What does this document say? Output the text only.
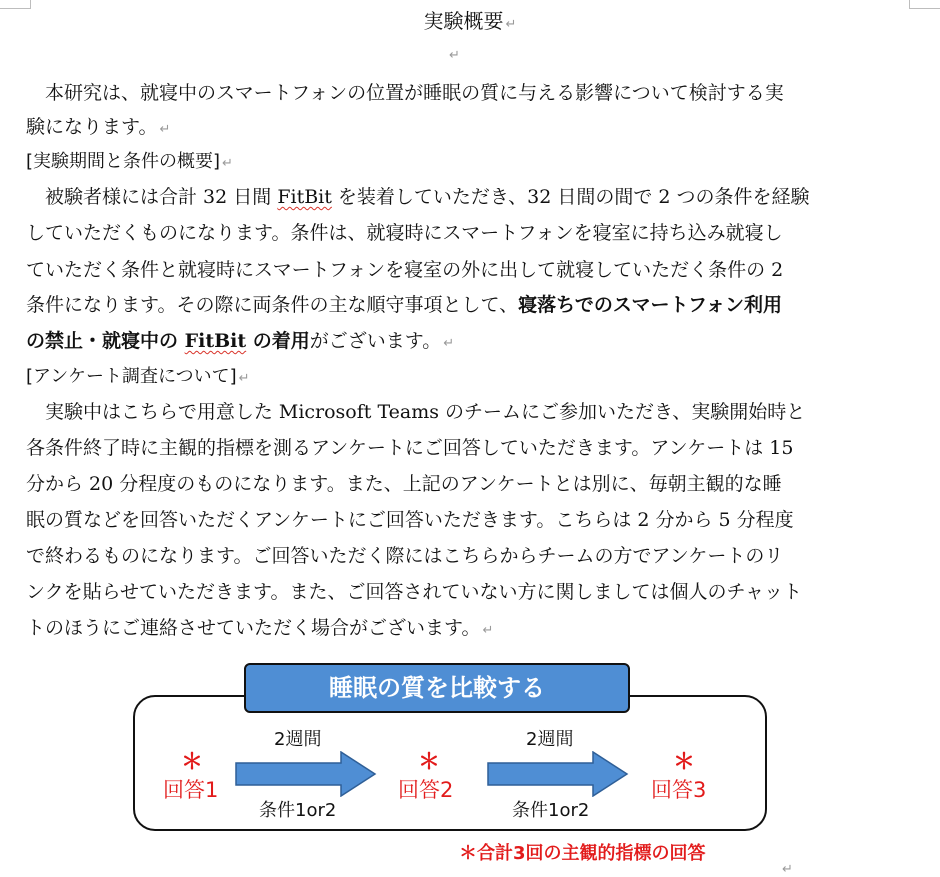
実験概要 ↵
↵
　本研究は、就寝中のスマートフォンの位置が睡眠の質に与える影響について検討する実
験になります。 ↵
[実験期間と条件の概要] ↵
　被験者様には合計 32 日間 FitBit を装着していただき、32 日間の間で 2 つの条件を経験
していただくものになります。条件は、就寝時にスマートフォンを寝室に持ち込み就寝し
ていただく条件と就寝時にスマートフォンを寝室の外に出して就寝していただく条件の 2
条件になります。その際に両条件の主な順守事項として、寝落ちでのスマートフォン利用
の禁止・就寝中の FitBit の着用がございます。 ↵
[アンケート調査について] ↵
　実験中はこちらで用意した Microsoft Teams のチームにご参加いただき、実験開始時と
各条件終了時に主観的指標を測るアンケートにご回答していただきます。アンケートは 15
分から 20 分程度のものになります。また、上記のアンケートとは別に、毎朝主観的な睡
眠の質などを回答いただくアンケートにご回答いただきます。こちらは 2 分から 5 分程度
で終わるものになります。ご回答いただく際にはこちらからチームの方でアンケートのリ
ンクを貼らせていただきます。また、ご回答されていない方に関しましては個人のチャット
トのほうにご連絡させていただく場合がございます。 ↵
睡眠の質を比較する
＊
回答1
2週間
条件1or2
＊
回答2
2週間
条件1or2
＊
回答3
＊合計3回の主観的指標の回答
↵
